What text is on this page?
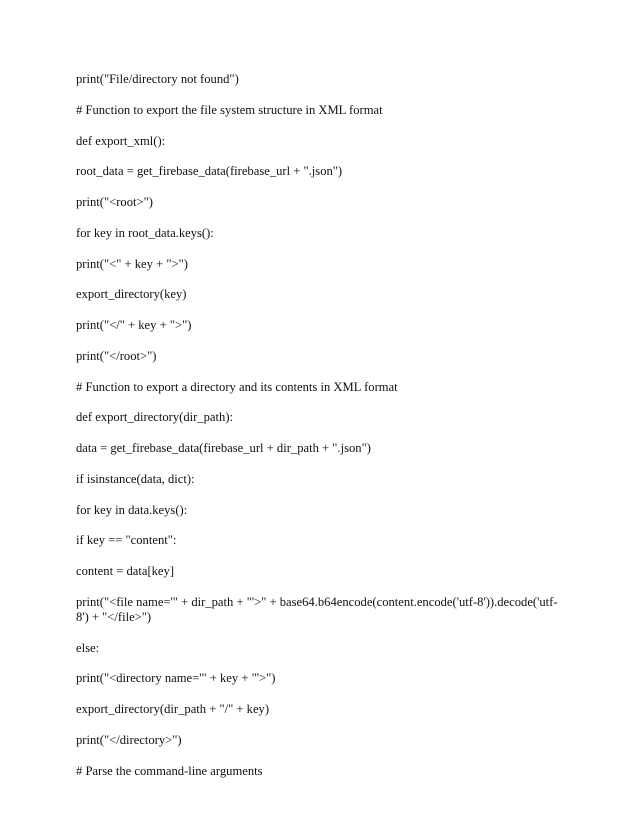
print("File/directory not found")
# Function to export the file system structure in XML format
def export_xml():
root_data = get_firebase_data(firebase_url + ".json")
print("<root>")
for key in root_data.keys():
print("<" + key + ">")
export_directory(key)
print("</" + key + ">")
print("</root>")
# Function to export a directory and its contents in XML format
def export_directory(dir_path):
data = get_firebase_data(firebase_url + dir_path + ".json")
if isinstance(data, dict):
for key in data.keys():
if key == "content":
content = data[key]
print("<file name='" + dir_path + "'>" + base64.b64encode(content.encode('utf-8')).decode('utf-8') + "</file>")
else:
print("<directory name='" + key + "'>")
export_directory(dir_path + "/" + key)
print("</directory>")
# Parse the command-line arguments
